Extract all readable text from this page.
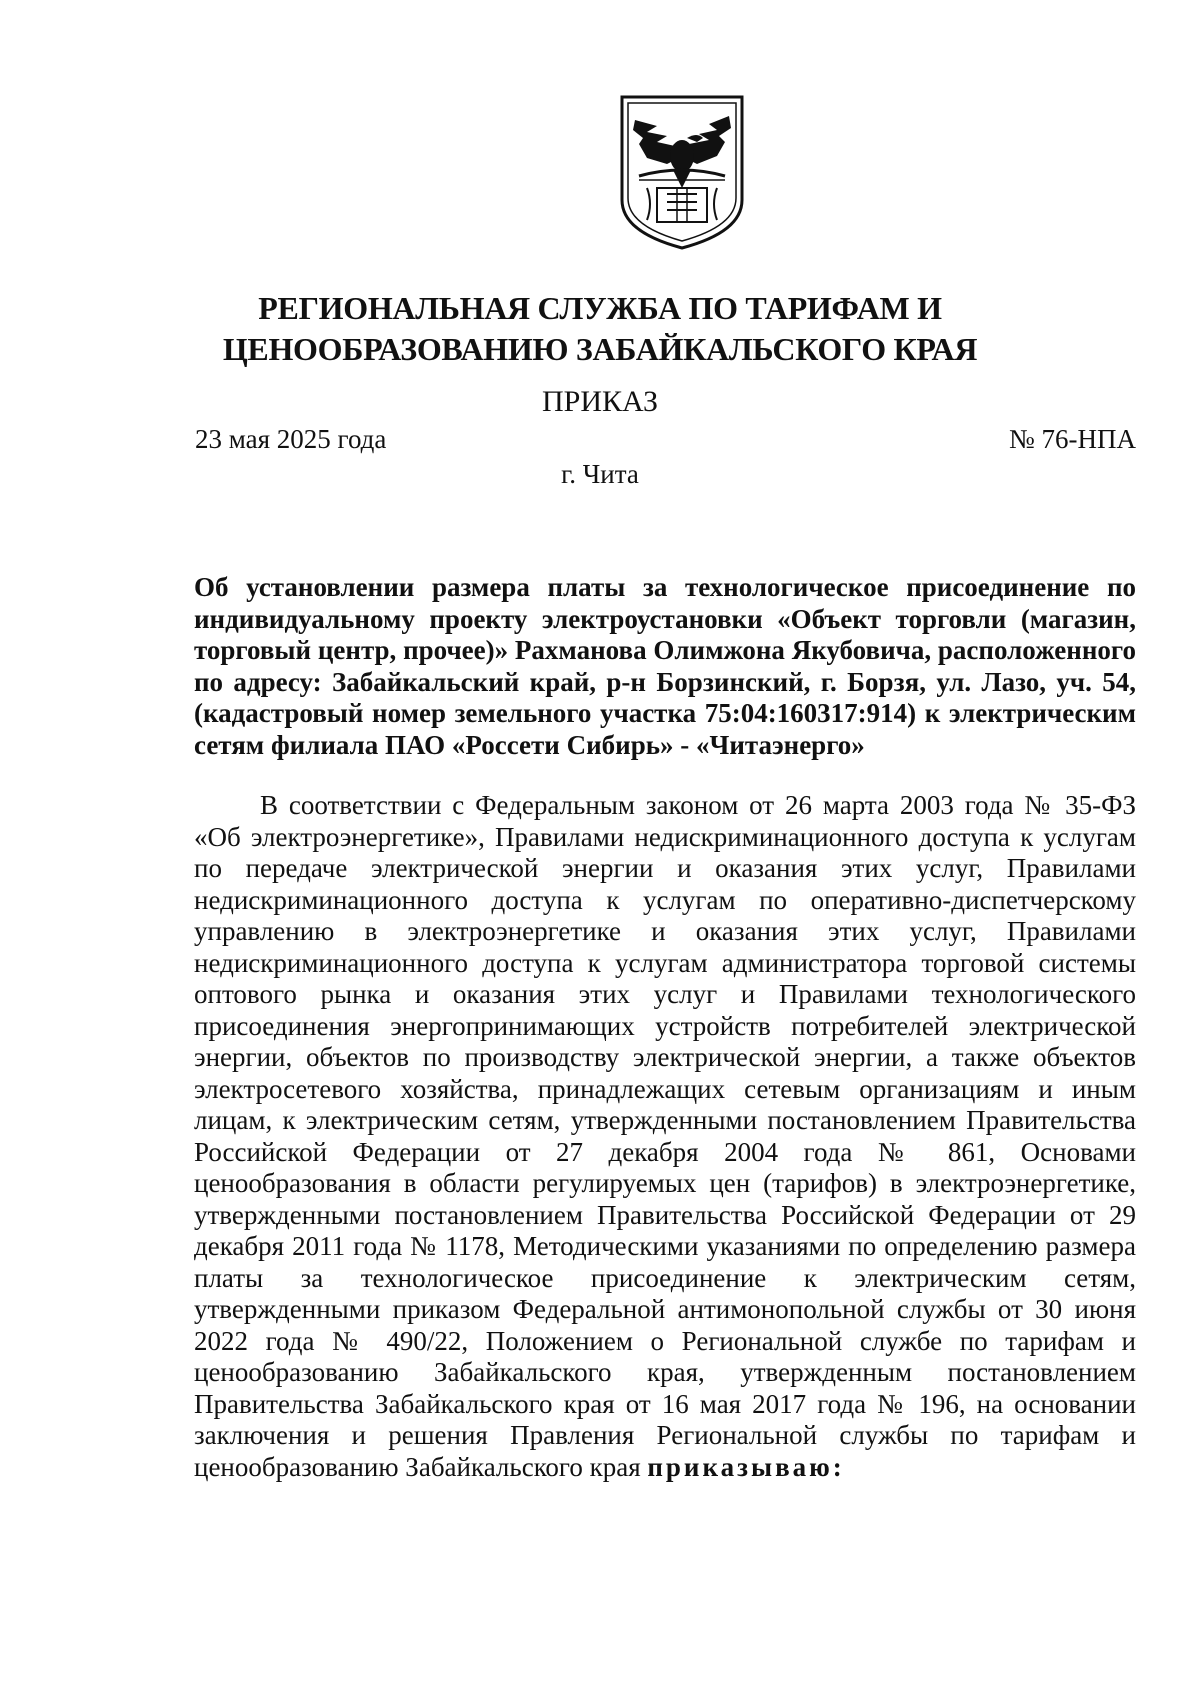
РЕГИОНАЛЬНАЯ СЛУЖБА ПО ТАРИФАМ И
ЦЕНООБРАЗОВАНИЮ ЗАБАЙКАЛЬСКОГО КРАЯ
ПРИКАЗ
23 мая 2025 года	№ 76-НПА
г. Чита
Об установлении размера платы за технологическое присоединение по индивидуальному проекту электроустановки «Объект торговли (магазин, торговый центр, прочее)» Рахманова Олимжона Якубовича, расположенного по адресу: Забайкальский край, р-н Борзинский, г. Борзя, ул. Лазо, уч. 54, (кадастровый номер земельного участка 75:04:160317:914) к электрическим сетям филиала ПАО «Россети Сибирь» - «Читаэнерго»
В соответствии с Федеральным законом от 26 марта 2003 года № 35-ФЗ «Об электроэнергетике», Правилами недискриминационного доступа к услугам по передаче электрической энергии и оказания этих услуг, Правилами недискриминационного доступа к услугам по оперативно-диспетчерскому управлению в электроэнергетике и оказания этих услуг, Правилами недискриминационного доступа к услугам администратора торговой системы оптового рынка и оказания этих услуг и Правилами технологического присоединения энергопринимающих устройств потребителей электрической энергии, объектов по производству электрической энергии, а также объектов электросетевого хозяйства, принадлежащих сетевым организациям и иным лицам, к электрическим сетям, утвержденными постановлением Правительства Российской Федерации от 27 декабря 2004 года № 861, Основами ценообразования в области регулируемых цен (тарифов) в электроэнергетике, утвержденными постановлением Правительства Российской Федерации от 29 декабря 2011 года № 1178, Методическими указаниями по определению размера платы за технологическое присоединение к электрическим сетям, утвержденными приказом Федеральной антимонопольной службы от 30 июня 2022 года № 490/22, Положением о Региональной службе по тарифам и ценообразованию Забайкальского края, утвержденным постановлением Правительства Забайкальского края от 16 мая 2017 года № 196, на основании заключения и решения Правления Региональной службы по тарифам и ценообразованию Забайкальского края приказываю:
